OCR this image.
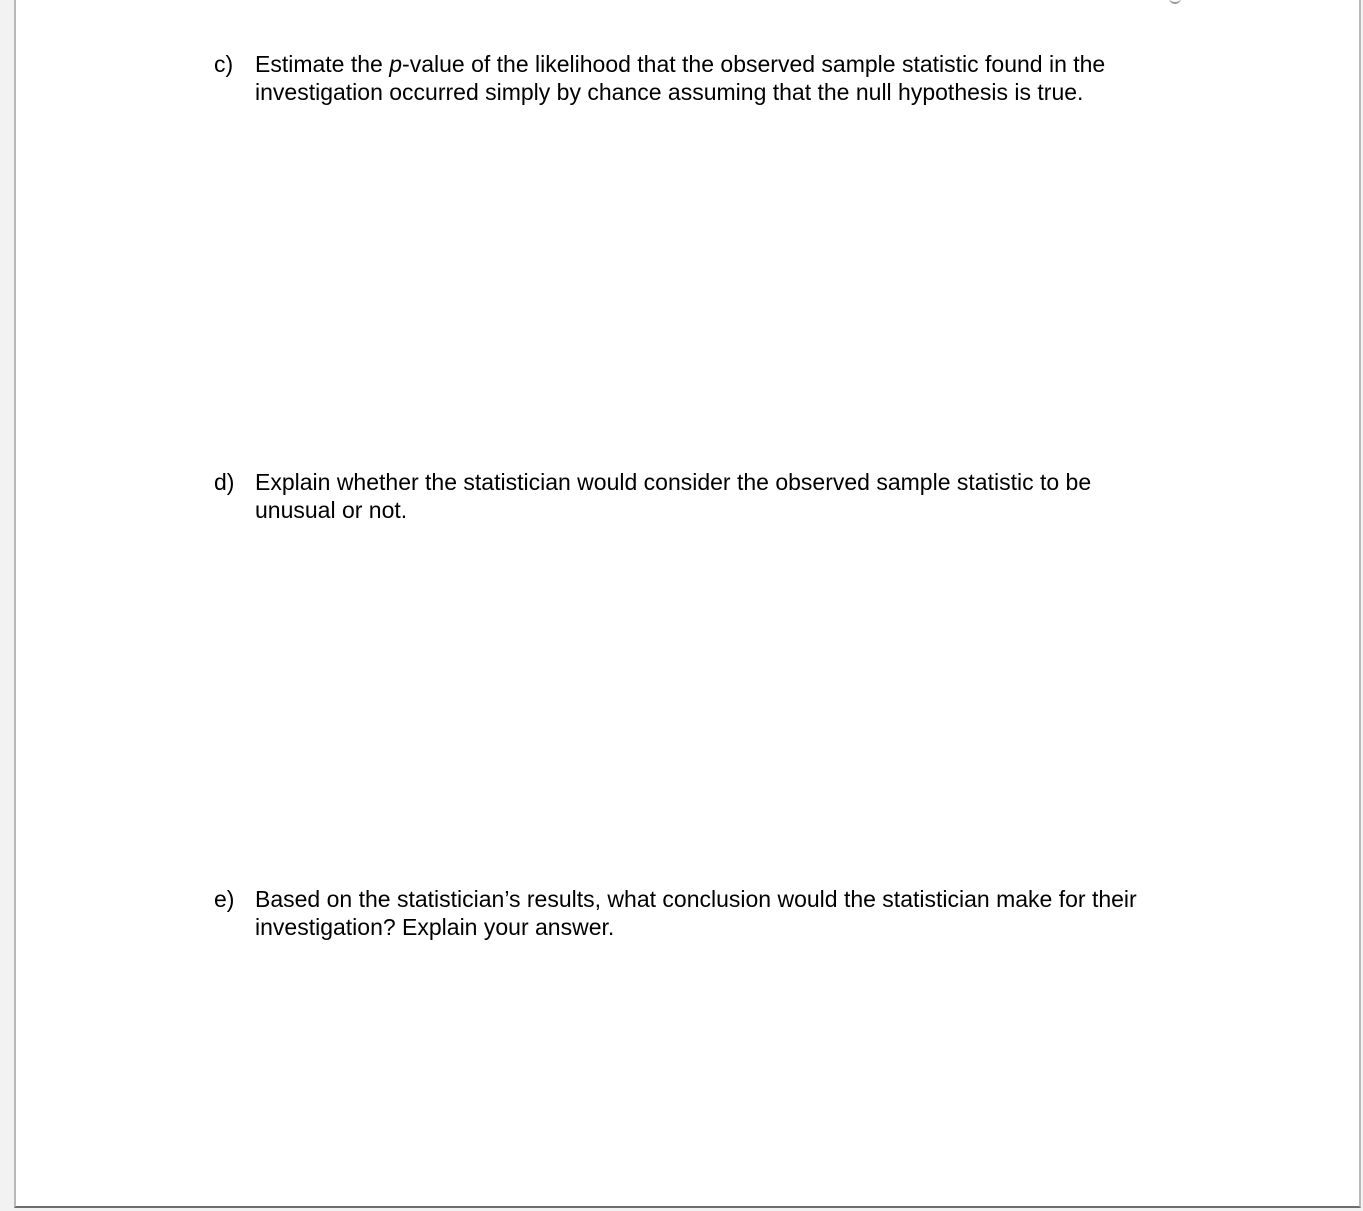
c) Estimate the p-value of the likelihood that the observed sample statistic found in the
investigation occurred simply by chance assuming that the null hypothesis is true.
d) Explain whether the statistician would consider the observed sample statistic to be
unusual or not.
e) Based on the statistician’s results, what conclusion would the statistician make for their
investigation? Explain your answer.
